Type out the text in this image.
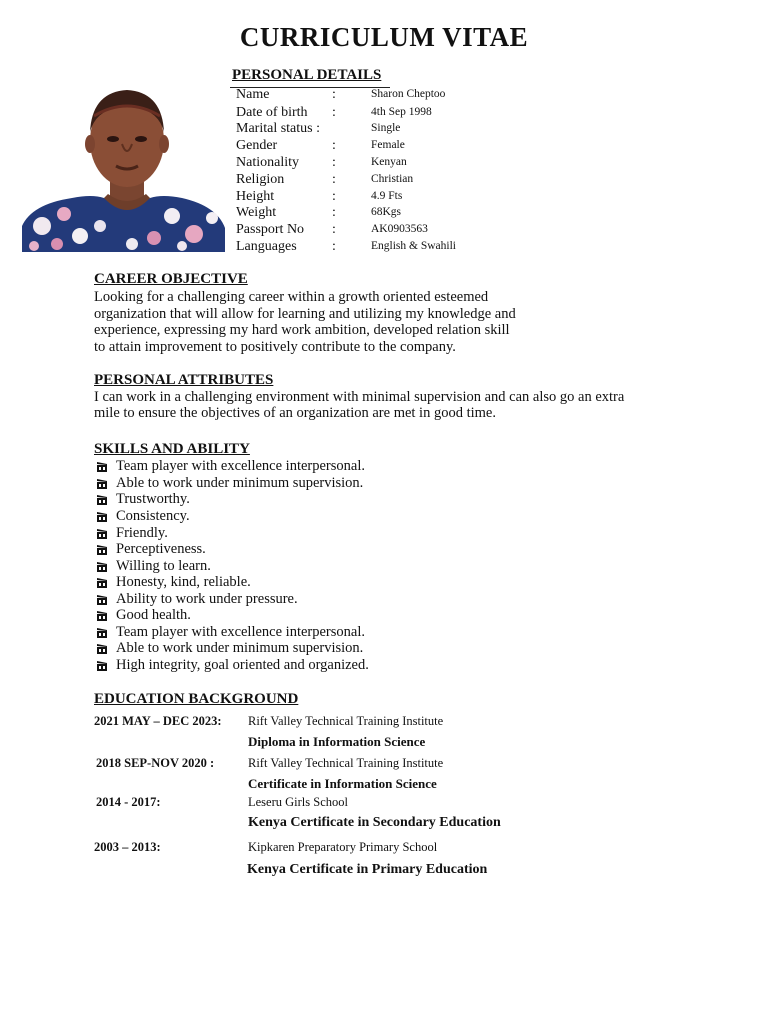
CURRICULUM VITAE
PERSONAL DETAILS
Name	:	Sharon Cheptoo
Date of birth :	4th Sep 1998
Marital status :	Single
Gender	:	Female
Nationality :	Kenyan
Religion	:	Christian
Height	:	4.9 Fts
Weight	:	68Kgs
Passport No :	AK0903563
Languages	:	English & Swahili
CAREER OBJECTIVE
Looking for a challenging career within a growth oriented esteemed
organization that will allow for learning and utilizing my knowledge and
experience, expressing my hard work ambition, developed relation skill
to attain improvement to positively contribute to the company.
PERSONAL ATTRIBUTES
I can work in a challenging environment with minimal supervision and can also go an extra
mile to ensure the objectives of an organization are met in good time.
SKILLS AND ABILITY
Team player with excellence interpersonal.
Able to work under minimum supervision.
Trustworthy.
Consistency.
Friendly.
Perceptiveness.
Willing to learn.
Honesty, kind, reliable.
Ability to work under pressure.
Good health.
Team player with excellence interpersonal.
Able to work under minimum supervision.
High integrity, goal oriented and organized.
EDUCATION BACKGROUND
2021 MAY – DEC 2023: Rift Valley Technical Training Institute
Diploma in Information Science
2018 SEP-NOV 2020 :	Rift Valley Technical Training Institute
Certificate in Information Science
2014 - 2017:	Leseru Girls School
Kenya Certificate in Secondary Education
2003 – 2013:	Kipkaren Preparatory Primary School
Kenya Certificate in Primary Education
